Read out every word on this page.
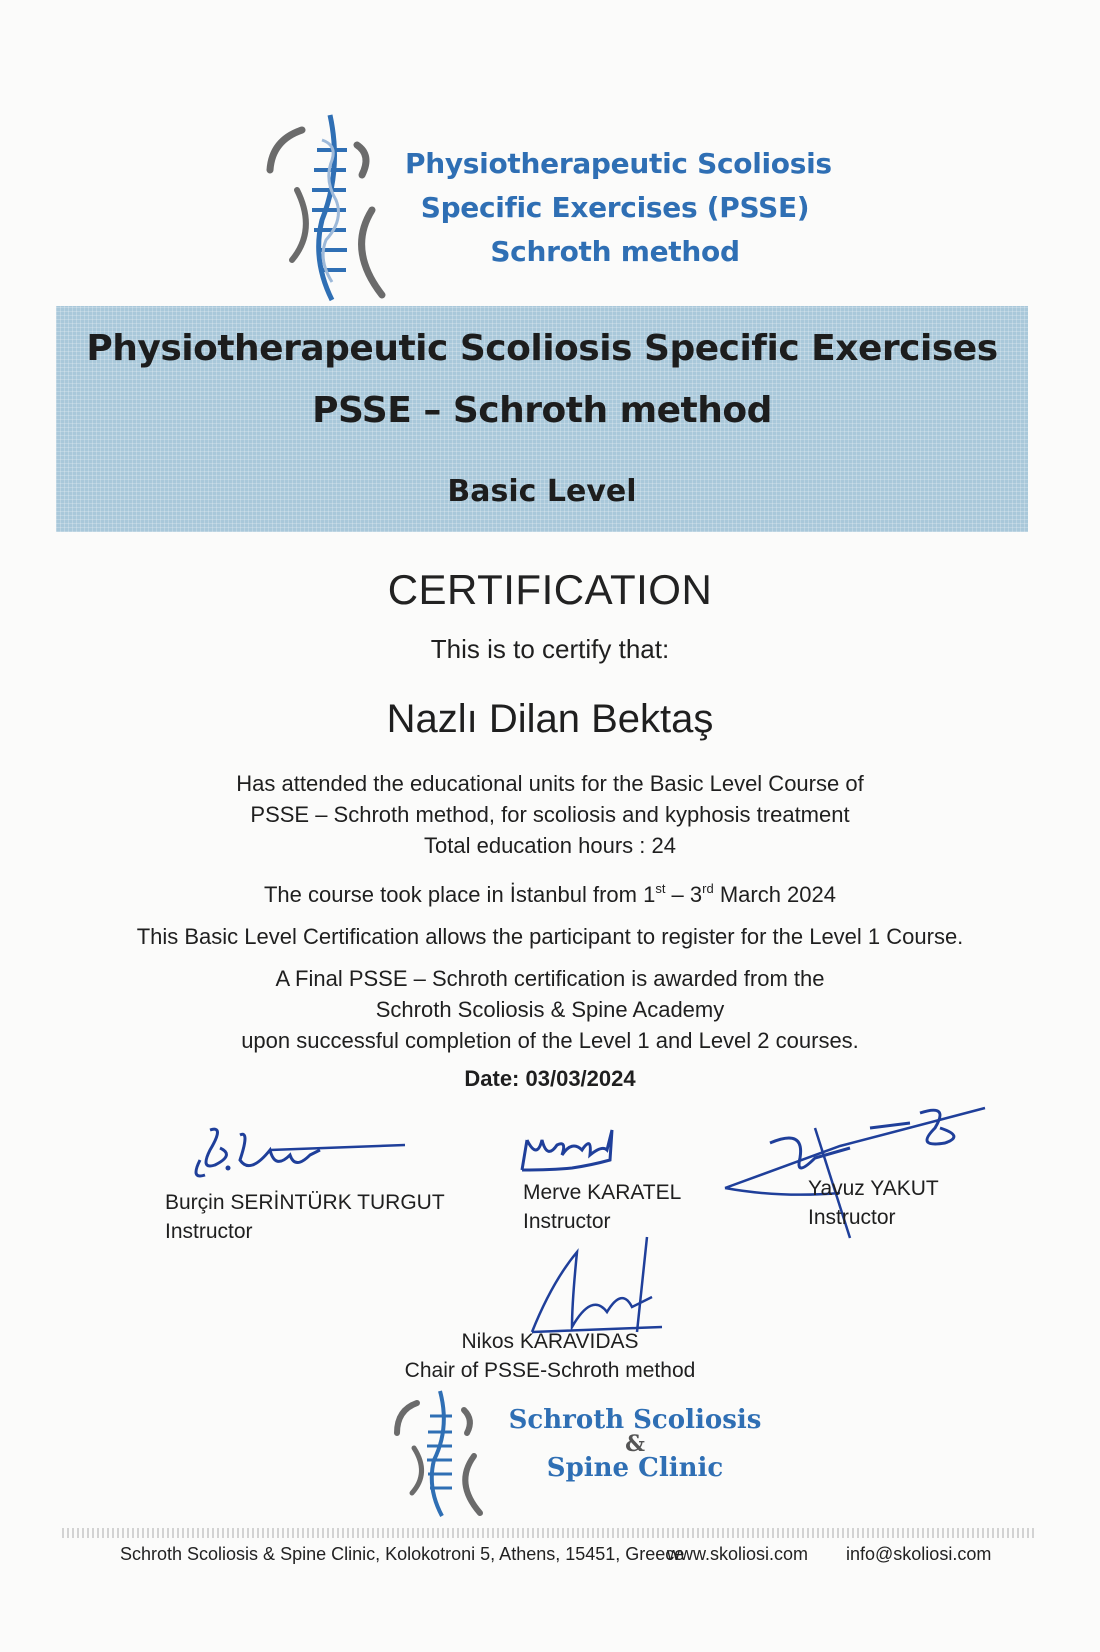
Physiotherapeutic Scoliosis
Specific Exercises (PSSE)
Schroth method
Physiotherapeutic Scoliosis Specific Exercises
PSSE – Schroth method
Basic Level
CERTIFICATION
This is to certify that:
Nazlı Dilan Bektaş
Has attended the educational units for the Basic Level Course of
PSSE – Schroth method, for scoliosis and kyphosis treatment
Total education hours : 24
The course took place in İstanbul from 1st – 3rd March 2024
This Basic Level Certification allows the participant to register for the Level 1 Course.
A Final PSSE – Schroth certification is awarded from the
Schroth Scoliosis & Spine Academy
upon successful completion of the Level 1 and Level 2 courses.
Date: 03/03/2024
Burçin SERİNTÜRK TURGUT
Instructor
Merve KARATEL
Instructor
Yavuz YAKUT
Instructor
Nikos KARAVIDAS
Chair of PSSE-Schroth method
Schroth Scoliosis
&
Spine Clinic
Schroth Scoliosis & Spine Clinic, Kolokotroni 5, Athens, 15451, Greece
www.skoliosi.com info@skoliosi.com
